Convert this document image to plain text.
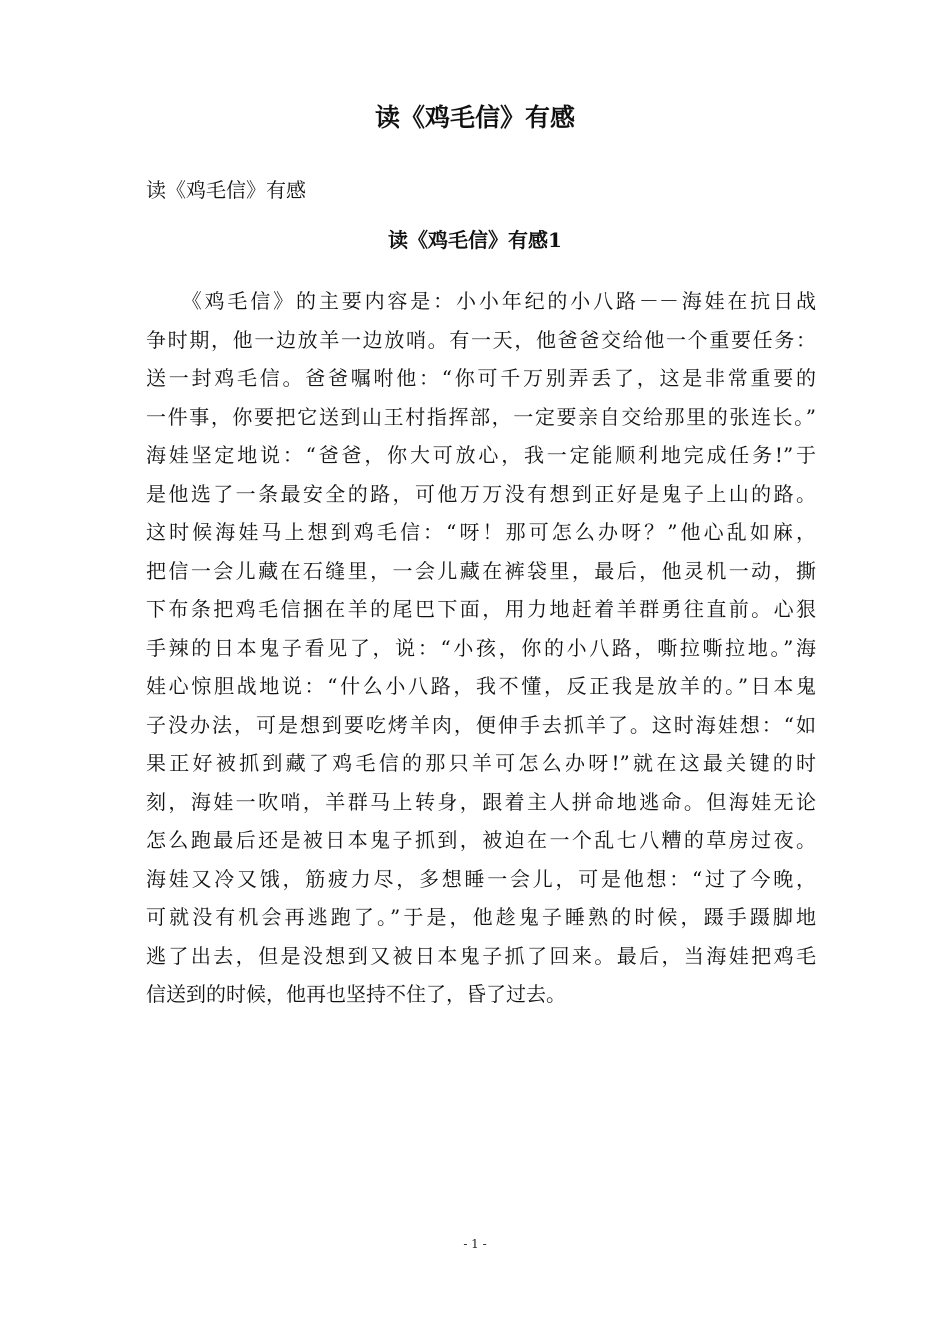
读《鸡毛信》有感

读《鸡毛信》有感

读《鸡毛信》有感1
　　《鸡毛信》的主要内容是：小小年纪的小八路－－海娃在抗日战
争时期，他一边放羊一边放哨。有一天，他爸爸交给他一个重要任务：
送一封鸡毛信。爸爸嘱咐他：“你可千万别弄丢了，这是非常重要的
一件事，你要把它送到山王村指挥部，一定要亲自交给那里的张连长。”
海娃坚定地说：“爸爸，你大可放心，我一定能顺利地完成任务!”于
是他选了一条最安全的路，可他万万没有想到正好是鬼子上山的路。
这时候海娃马上想到鸡毛信：“呀！那可怎么办呀？”他心乱如麻，
把信一会儿藏在石缝里，一会儿藏在裤袋里，最后，他灵机一动，撕
下布条把鸡毛信捆在羊的尾巴下面，用力地赶着羊群勇往直前。心狠
手辣的日本鬼子看见了，说：“小孩，你的小八路，嘶拉嘶拉地。”海
娃心惊胆战地说：“什么小八路，我不懂，反正我是放羊的。”日本鬼
子没办法，可是想到要吃烤羊肉，便伸手去抓羊了。这时海娃想：“如
果正好被抓到藏了鸡毛信的那只羊可怎么办呀!”就在这最关键的时
刻，海娃一吹哨，羊群马上转身，跟着主人拼命地逃命。但海娃无论
怎么跑最后还是被日本鬼子抓到，被迫在一个乱七八糟的草房过夜。
海娃又冷又饿，筋疲力尽，多想睡一会儿，可是他想：“过了今晚，
可就没有机会再逃跑了。”于是，他趁鬼子睡熟的时候，蹑手蹑脚地
逃了出去，但是没想到又被日本鬼子抓了回来。最后，当海娃把鸡毛
信送到的时候，他再也坚持不住了，昏了过去。
- 1 -
